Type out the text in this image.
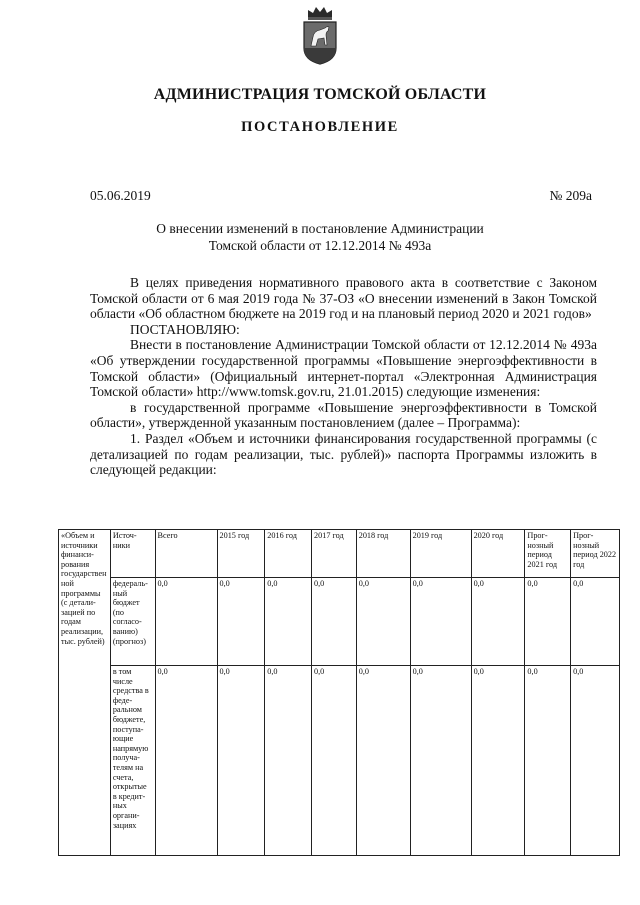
АДМИНИСТРАЦИЯ ТОМСКОЙ ОБЛАСТИ
ПОСТАНОВЛЕНИЕ
05.06.2019	№ 209а
О внесении изменений в постановление Администрации Томской области от 12.12.2014 № 493а

В целях приведения нормативного правового акта в соответствие с Законом Томской области от 6 мая 2019 года № 37-ОЗ «О внесении изменений в Закон Томской области «Об областном бюджете на 2019 год и на плановый период 2020 и 2021 годов»

ПОСТАНОВЛЯЮ:

Внести в постановление Администрации Томской области от 12.12.2014 № 493а «Об утверждении государственной программы «Повышение энергоэффективности в Томской области» (Официальный интернет-портал «Электронная Администрация Томской области» http://www.tomsk.gov.ru, 21.01.2015) следующие изменения:

в государственной программе «Повышение энергоэффективности в Томской области», утвержденной указанным постановлением (далее – Программа):

1. Раздел «Объем и источники финансирования государственной программы (с детализацией по годам реализации, тыс. рублей)» паспорта Программы изложить в следующей редакции:

«Объем и источники финанси-рования государственной программы (с детали-зацией по годам реализации, тыс. рублей)	Источ-ники	Всего	2015 год	2016 год	2017 год	2018 год	2019 год	2020 год	Прог-нозный период 2021 год	Прог-нозный период 2022 год
	федераль-ный бюджет (по согласо-ванию) (прогноз)	0,0	0,0	0,0	0,0	0,0	0,0	0,0	0,0	0,0
	в том числе средства в феде-ральном бюджете, поступа-ющие напрямую получа-телям на счета, открытые в кредит-ных органи-зациях	0,0	0,0	0,0	0,0	0,0	0,0	0,0	0,0	0,0
